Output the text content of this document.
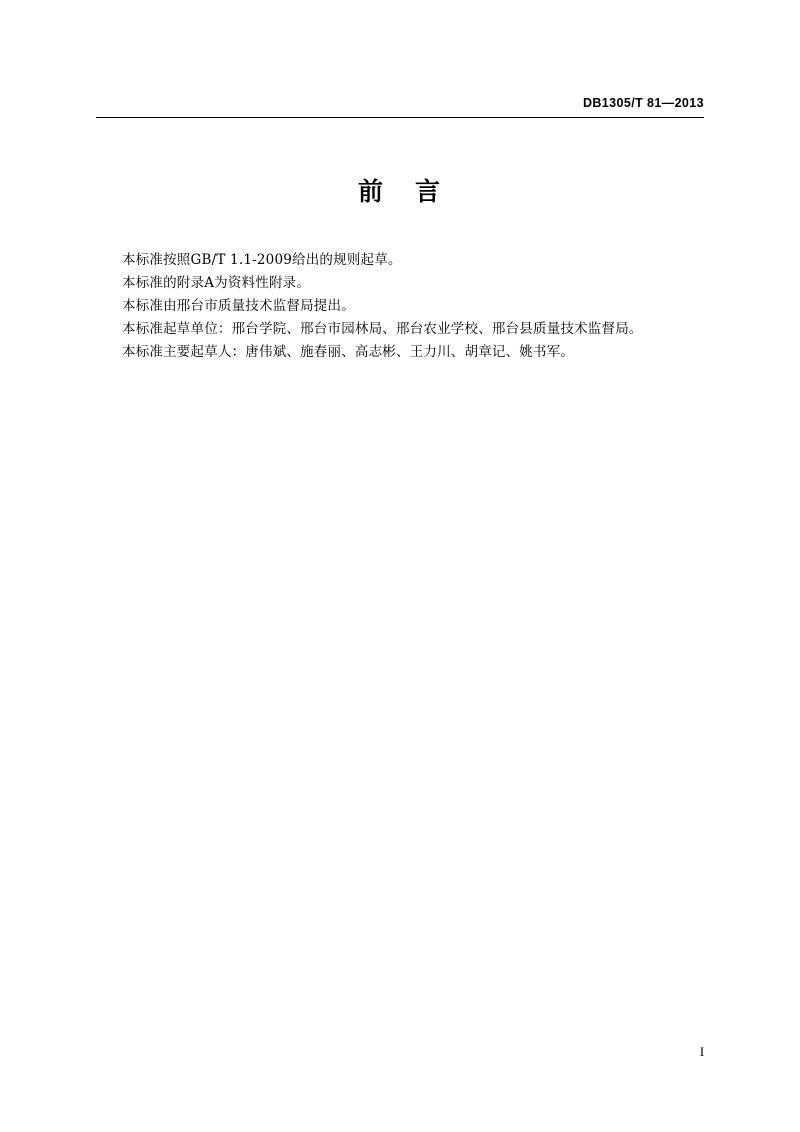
DB1305/T 81—2013
前 言

本标准按照GB/T 1.1-2009给出的规则起草。

本标准的附录A为资料性附录。

本标准由邢台市质量技术监督局提出。

本标准起草单位：邢台学院、邢台市园林局、邢台农业学校、邢台县质量技术监督局。

本标准主要起草人：唐伟斌、施春丽、高志彬、王力川、胡章记、姚书军。

I
